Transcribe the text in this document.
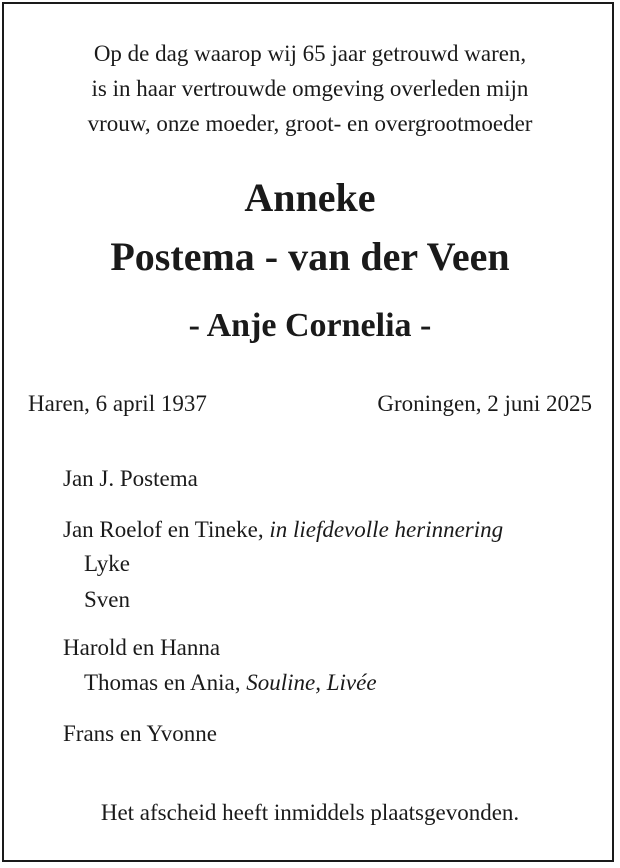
Op de dag waarop wij 65 jaar getrouwd waren,
is in haar vertrouwde omgeving overleden mijn
vrouw, onze moeder, groot- en overgrootmoeder
Anneke
Postema - van der Veen
- Anje Cornelia -
Haren, 6 april 1937	Groningen, 2 juni 2025
Jan J. Postema
Jan Roelof en Tineke, in liefdevolle herinnering
Lyke
Sven
Harold en Hanna
Thomas en Ania, Souline, Livée
Frans en Yvonne
Het afscheid heeft inmiddels plaatsgevonden.
